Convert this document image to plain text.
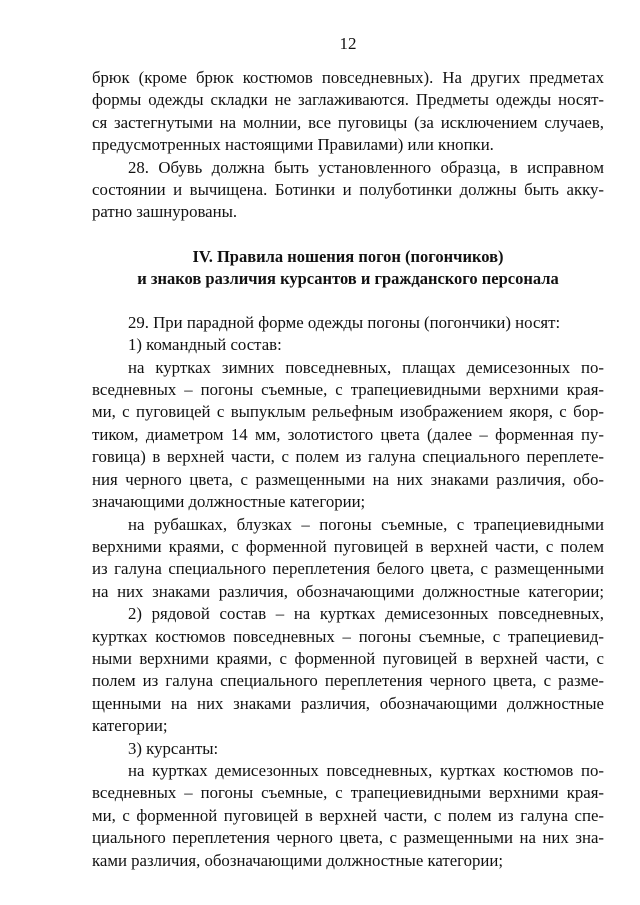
12
брюк (кроме брюк костюмов повседневных). На других предметах
формы одежды складки не заглаживаются. Предметы одежды носят-
ся застегнутыми на молнии, все пуговицы (за исключением случаев,
предусмотренных настоящими Правилами) или кнопки.
28. Обувь должна быть установленного образца, в исправном
состоянии и вычищена. Ботинки и полуботинки должны быть акку-
ратно зашнурованы.
IV. Правила ношения погон (погончиков)
и знаков различия курсантов и гражданского персонала
29. При парадной форме одежды погоны (погончики) носят:
1) командный состав:
на куртках зимних повседневных, плащах демисезонных по-
вседневных – погоны съемные, с трапециевидными верхними края-
ми, с пуговицей с выпуклым рельефным изображением якоря, с бор-
тиком, диаметром 14 мм, золотистого цвета (далее – форменная пу-
говица) в верхней части, с полем из галуна специального переплете-
ния черного цвета, с размещенными на них знаками различия, обо-
значающими должностные категории;
на рубашках, блузках – погоны съемные, с трапециевидными
верхними краями, с форменной пуговицей в верхней части, с полем
из галуна специального переплетения белого цвета, с размещенными
на них знаками различия, обозначающими должностные категории;
2) рядовой состав – на куртках демисезонных повседневных,
куртках костюмов повседневных – погоны съемные, с трапециевид-
ными верхними краями, с форменной пуговицей в верхней части, с
полем из галуна специального переплетения черного цвета, с разме-
щенными на них знаками различия, обозначающими должностные
категории;
3) курсанты:
на куртках демисезонных повседневных, куртках костюмов по-
вседневных – погоны съемные, с трапециевидными верхними края-
ми, с форменной пуговицей в верхней части, с полем из галуна спе-
циального переплетения черного цвета, с размещенными на них зна-
ками различия, обозначающими должностные категории;
